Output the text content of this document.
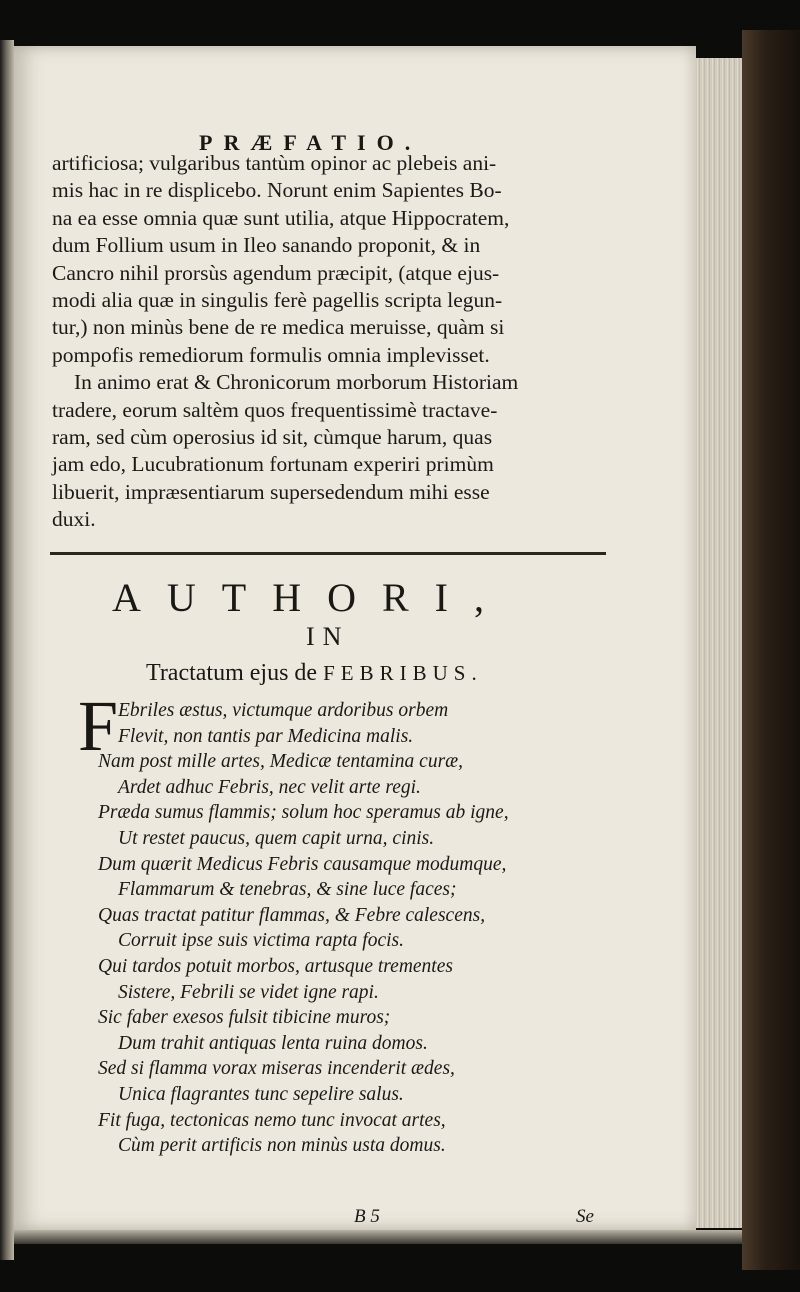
PRÆFATIO.
artificiosa; vulgaribus tantùm opinor ac plebeis ani-
mis hac in re displicebo. Norunt enim Sapientes Bo-
na ea esse omnia quæ sunt utilia, atque Hippocratem,
dum Follium usum in Ileo sanando proponit, & in
Cancro nihil prorsùs agendum præcipit, (atque ejus-
modi alia quæ in singulis ferè pagellis scripta legun-
tur,) non minùs bene de re medica meruisse, quàm si
pompofis remediorum formulis omnia implevisset.
In animo erat & Chronicorum morborum Historiam
tradere, eorum saltèm quos frequentissimè tractave-
ram, sed cùm operosius id sit, cùmque harum, quas
jam edo, Lucubrationum fortunam experiri primùm
libuerit, impræsentiarum supersedendum mihi esse
duxi.
AUTHORI,
IN
Tractatum ejus de FEBRIBUS.
F Ebriles æstus, victumque ardoribus orbem
Flevit, non tantis par Medicina malis.
Nam post mille artes, Medicæ tentamina curæ,
Ardet adhuc Febris, nec velit arte regi.
Præda sumus flammis; solum hoc speramus ab igne,
Ut restet paucus, quem capit urna, cinis.
Dum quærit Medicus Febris causamque modumque,
Flammarum & tenebras, & sine luce faces;
Quas tractat patitur flammas, & Febre calescens,
Corruit ipse suis victima rapta focis.
Qui tardos potuit morbos, artusque trementes
Sistere, Febrili se videt igne rapi.
Sic faber exesos fulsit tibicine muros;
Dum trahit antiquas lenta ruina domos.
Sed si flamma vorax miseras incenderit ædes,
Unica flagrantes tunc sepelire salus.
Fit fuga, tectonicas nemo tunc invocat artes,
Cùm perit artificis non minùs usta domus.
B 5	Se
